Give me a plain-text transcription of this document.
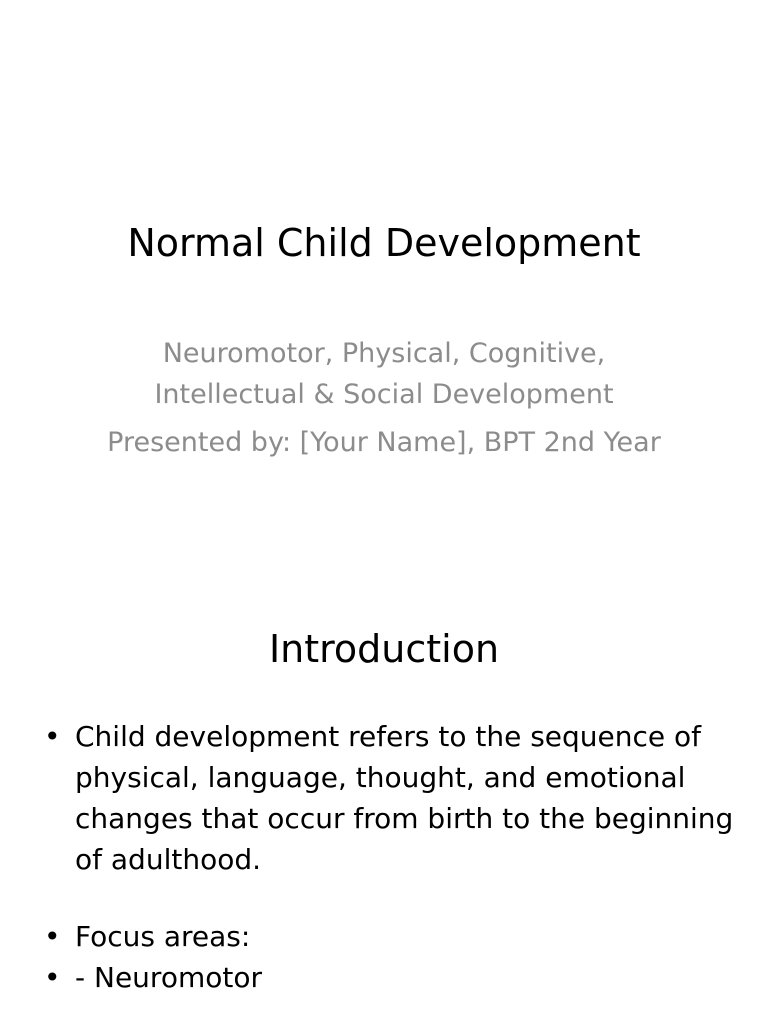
Normal Child Development

Neuromotor, Physical, Cognitive, Intellectual & Social Development

Presented by: [Your Name], BPT 2nd Year

Introduction
• Child development refers to the sequence of physical, language, thought, and emotional changes that occur from birth to the beginning of adulthood.
• Focus areas:
• - Neuromotor
